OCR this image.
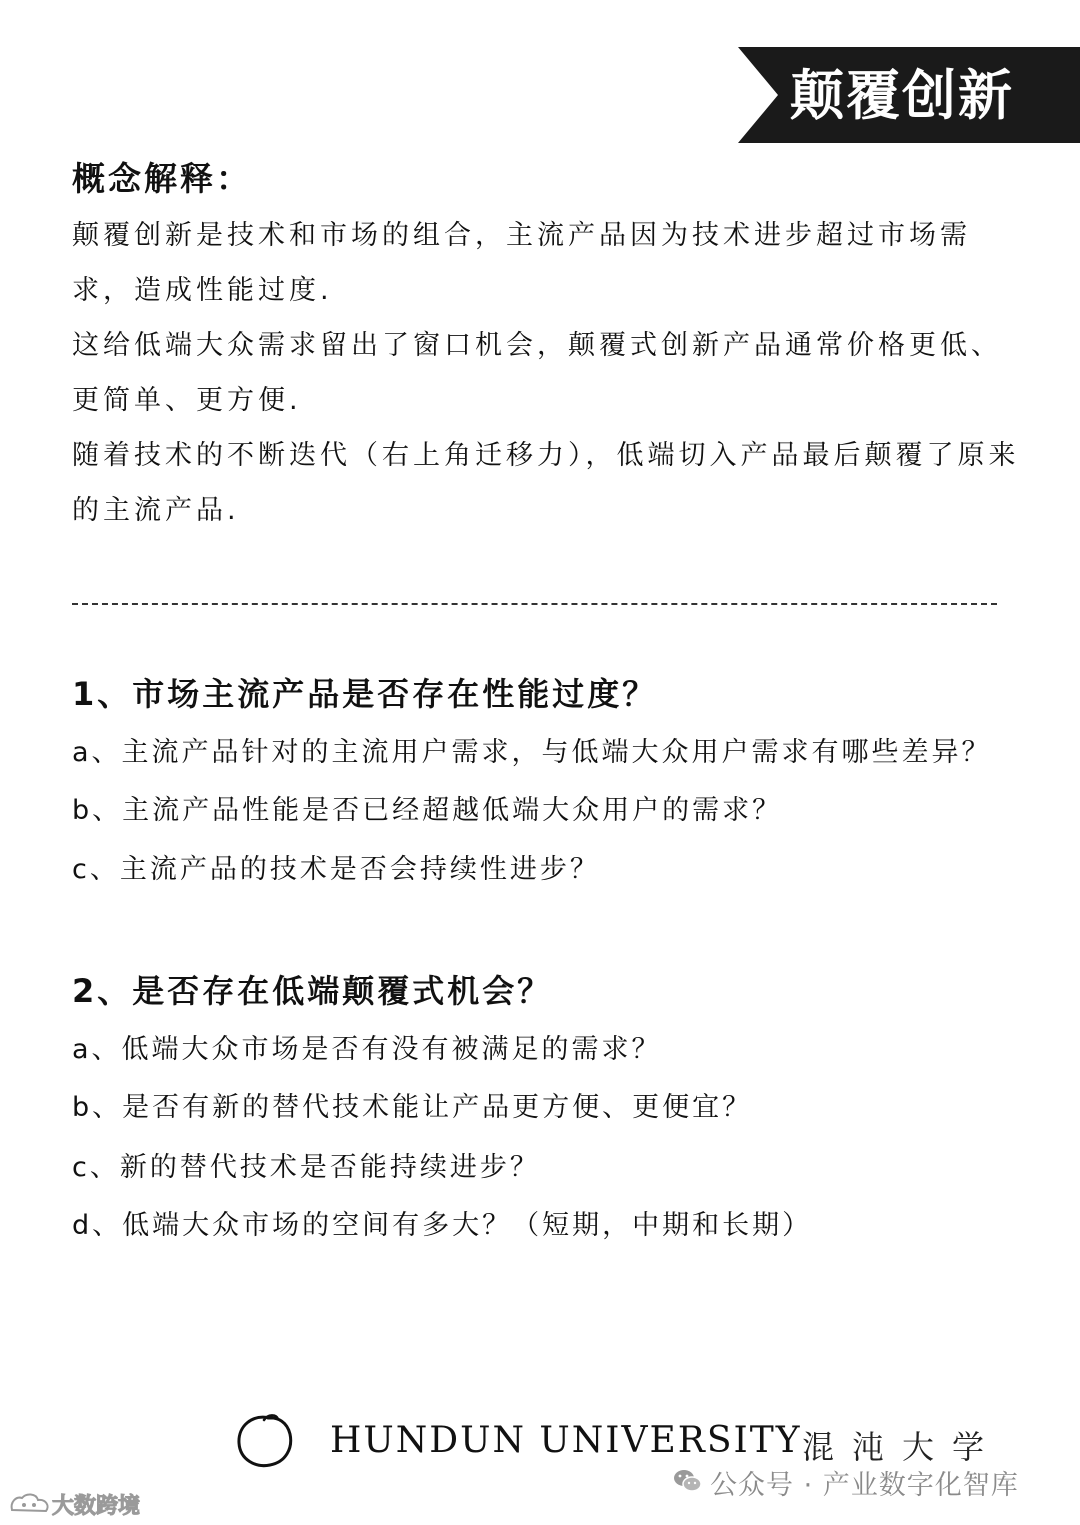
颠覆创新
概念解释：
颠覆创新是技术和市场的组合，主流产品因为技术进步超过市场需求，造成性能过度.
这给低端大众需求留出了窗口机会，颠覆式创新产品通常价格更低、更简单、更方便.
随着技术的不断迭代（右上角迁移力），低端切入产品最后颠覆了原来的主流产品.
1、市场主流产品是否存在性能过度？
a、主流产品针对的主流用户需求，与低端大众用户需求有哪些差异？
b、主流产品性能是否已经超越低端大众用户的需求？
c、主流产品的技术是否会持续性进步？
2、是否存在低端颠覆式机会？
a、低端大众市场是否有没有被满足的需求？
b、是否有新的替代技术能让产品更方便、更便宜？
c、新的替代技术是否能持续进步？
d、低端大众市场的空间有多大？（短期，中期和长期）
HUNDUN UNIVERSITY 混沌大学
公众号 · 产业数字化智库
大数跨境
